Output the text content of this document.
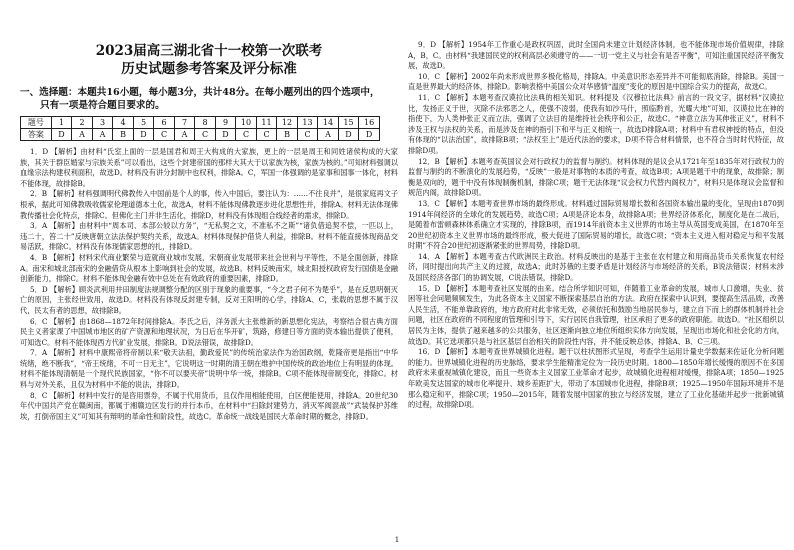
2023届高三湖北省十一校第一次联考
历史试题参考答案及评分标准
一、选择题：本题共16小题，每小题3分，共计48分。在每小题列出的四个选项中，
只有一项是符合题目要求的。
题号	1	2	3	4	5	6	7	8	9	10	11	12	13	14	15	16
答案	D	A	A	B	D	C	A	C	D	C	C	B	C	A	D	D

1．D 【解析】由材料“氏室上面的一层是国君和周王大构成的大家族，更上的一层是周王和同姓诸侯构成的大家族，其关于群臣婚家与宗族关系”可以看出，这些个封建帝国的那样大其大于以家族为核，家族为核的。”可知材料强调以血缘宗法构建权利面积，故选D。材料没有讲分封制中也权利，排除A。C，军国一体强调的是家事和国事一体化，材料不能体现，故排除B。

2．B 【解析】材料强调明代佛教传入中国前是个人的事，传入中国后，要注认为：……不往良并”，是很家庭再文子根承，据此可知佛教吸收儒家伦理道德本土化，故选A，材料不能体现佛教逐步进化思想性并，排除A。材料无法体现佛教传播社会化特点，排除C。但佛化主门并非生活化，排除D，材料没有体现组合线经者的需求，排除D。

3．A 【解析】由材料中“周本司、本部公较以方务”，“无私契之文，不准私不之斯”“诸负借追契不偿，一匹以上，违二十，笞二十”反映唐朝立法法保护契约关系，故选A。材料体现保护借贷人利益，排除B。材料不能直接体现商品交易活跃，排除C。材料没有体现儒家思想的扎，排除D。

4．B 【解析】材料宋代商业繁荣与造就商业城市发展，宋朝商业发展带来社会世利与平等性，不是全面创新，排除A。南宋和城北部南宋的金融借贷从根本上影响到社会的发展，故选B。材料反映南宋，城北阳授权政府发行国债是金融创新能力，排除C。材料不能体现金融有效中总处在有效政府的重要因素，排除D。

5．D 【解析】顾炎武利用井田制度法规调整分配的区别于现象的重要事，“今之君子何不为楚乎”，是在反思明朝灭亡的原因，主张经世致用，故选D。材料没有体现反封建专制，反对王阳明的心学，排除A、C，张载的思想不属于汉代，民太有者的思想，故排除B。

6．C 【解析】由1868—1872年时间排除A。李氏之后，洋务派大主张维新的新思想化宪法，考察结合很古典方面民主义者家课了中国城市地区的矿产资源和地理状况，为日后在华开矿，筑路，修建日等方面的资本输出提供了便利，可知选C。材料不能体现西方代矿业发展，排除B。D说法错误，故排除D。

7．A 【解析】材料中康熙帝将帝制以来“敬天法祖，勤政爱民”的传统治家法作为治国政纲，乾隆帝更是指出“中华统绪，绝不断我”，“帝王统绪，不可一日无主”，它说明这一时期的清王朝在维护中国传统的政治地位上有明显的体现。材料不能体现清朝是一个现代民族国家，“你不可以要夹帝”说明中华一统，排除B。C项不能体现帝制变化，排除C。材料与对外关系，且仅为材料中不能的说法，排除D。

8．C 【解析】材料中发行的是咨用票券，不属于代用货币，且仅作用相能使用，白区便能使用，排除A。20世纪30年代中国共产党在赣闽南，都属于湘赣边区发行的并行本币，在材料中“扫除封建势力，消灭军阀混战”“武装保护苏维埃，打倒帝国主义”可知其有辩明的革命性和阶段性，故选C。革命统一战线是国民大革命时期的概念，排除D。

9．D 【解析】1954年工作重心是政权巩固，此时全国尚未建立计划经济体制，也不能体现市场价值规律，排除A，B，C。由材料“我建国民党的权利高层必须遵守的——一切一党主义与社会有是否平衡”，可知注重国民经济平衡发展，故选D。

10．C 【解析】2002年尚未形成世界多极化格局，排除A。中美意识形态差异并不可能彻底消除，排除B。美国一直是世界最大的经济体，排除D。影响表格中美国公众对华感情“温度”变化的原因是中国综合实力的提高，故选C。

11．C 【解析】本题考查汉谟拉比法典的相关知识。材料提及《汉穆拉比法典》前言的一段文字，据材料“汉谟拉比，发扬正义于世，灭除不法邪恶之人，使强不凌弱，使我有如沙马什，照临黔首，光耀大地”可知，汉谟拉比在神的指使下，为人类伸张正义而立法，强调了立法目的是维持社会秩序和公正，故选C。“神意立法为其伸张正义”，材料不涉及王权与法权的关系，而是涉及在神的指引下和平与正义相统一，故选D排除A项；材料中有君权神授的特点，但没有体现的“以法治国”，故排除B项；“法权至上”是近代法治的要求，D项不符合材料情景，也不符合当时时代特征，故排除D项。

12．B 【解析】本题考查英国议会对行政权力的监督与制约。材料体现的是议会从1721年至1835年对行政权力的监督与制约的不断演化的发展趋势，“反映”一般是对事物的本质的考查，故选B项；A项是题干中的现象，故排除；制衡是双向的，题干中没有体现制衡机制，排除C项；题干无法体现“议会权力代替内阁权力”，材料只是体现议会监督和规范内阁，故排除D项。

13．C 【解析】本题考查世界市场的最终形成。材料通过国际贸易增长数和各国资本输出量的变化，呈现由1870到1914年间经济的全球化的发展趋势，故选C项；A项是济论本身，故排除A项；世界经济体系化，制度化是在二战后，是随着布雷顿森林体系确立才实现的，排除B项，而1914年前资本主义世界的市场主导从英国变成美国，在1870年至20世纪初资本主义世界市场的最终形成，极大促进了国际贸易的增长，故选C项；“资本主义进入相对稳定与和平发展时期”不符合20世纪初逐渐紧张的世界局势，排除D项。

14．A 【解析】本题考查古代欧洲民主政治。材料反映出的是基于主张在农村建立和用商品货币关系恢复农村经济，同时提出向共产主义的过渡，故选A；此时苏俄的主要矛盾是计划经济与市场经济的关系，B说法错误；材料未涉及国民经济各部门的协调发展，C说法错误，排除D。

15．D 【解析】本题考查社区发展的由来。结合所学知识可知，伴随着工业革命的发展，城市人口激增，失业、贫困等社会问题频频发生，为此各资本主义国家不断探索基层自治的方法。政府在探索中认识到，要提高生活品质，改善人民生活，不能单靠政府的，地方政府对此非常无效，必须依托和鼓励当地居民参与，建立自下而上的群体机制并社会问题，社区在政府的不同程度的管理和引导下，实行居民自我管理，社区承担了更多的政府职能。故选D。“社区组织以居民为主体，提供了越来越多的公共服务，社区逐渐向独立地位所组织实体方向发展，呈现出市场化和社会化的方向，故选D。其它选项都只是与社区基层自治相关的阶段性内容，并不能反映总体，排除A、B、C三项。

16．D 【解析】本题考查世界城镇化进程。题干以柱状图形式呈现，考查学生运用计量史学数据来佐证化分析问题的能力。世界城镇化进程的历史脉络，要求学生能精准定位为一段历史时期。1800—1850年增长缓慢的原因不在多国政府未来重视城镇化建设，而且一些资本主义国家工业革命才起步，故城镇化进程相对缓慢，排除A项；1850—1925年欧美发达国家的城市化率提升、城乡差距扩大，带动了本国城市化进程，排除B项；1925—1950年国际环境并不是那么稳定和平，排除C项；1950—2015年，随着发展中国家的独立与经济发展，建立了工业化基础并起步一批新城镇的过程，故排除D项。

1
